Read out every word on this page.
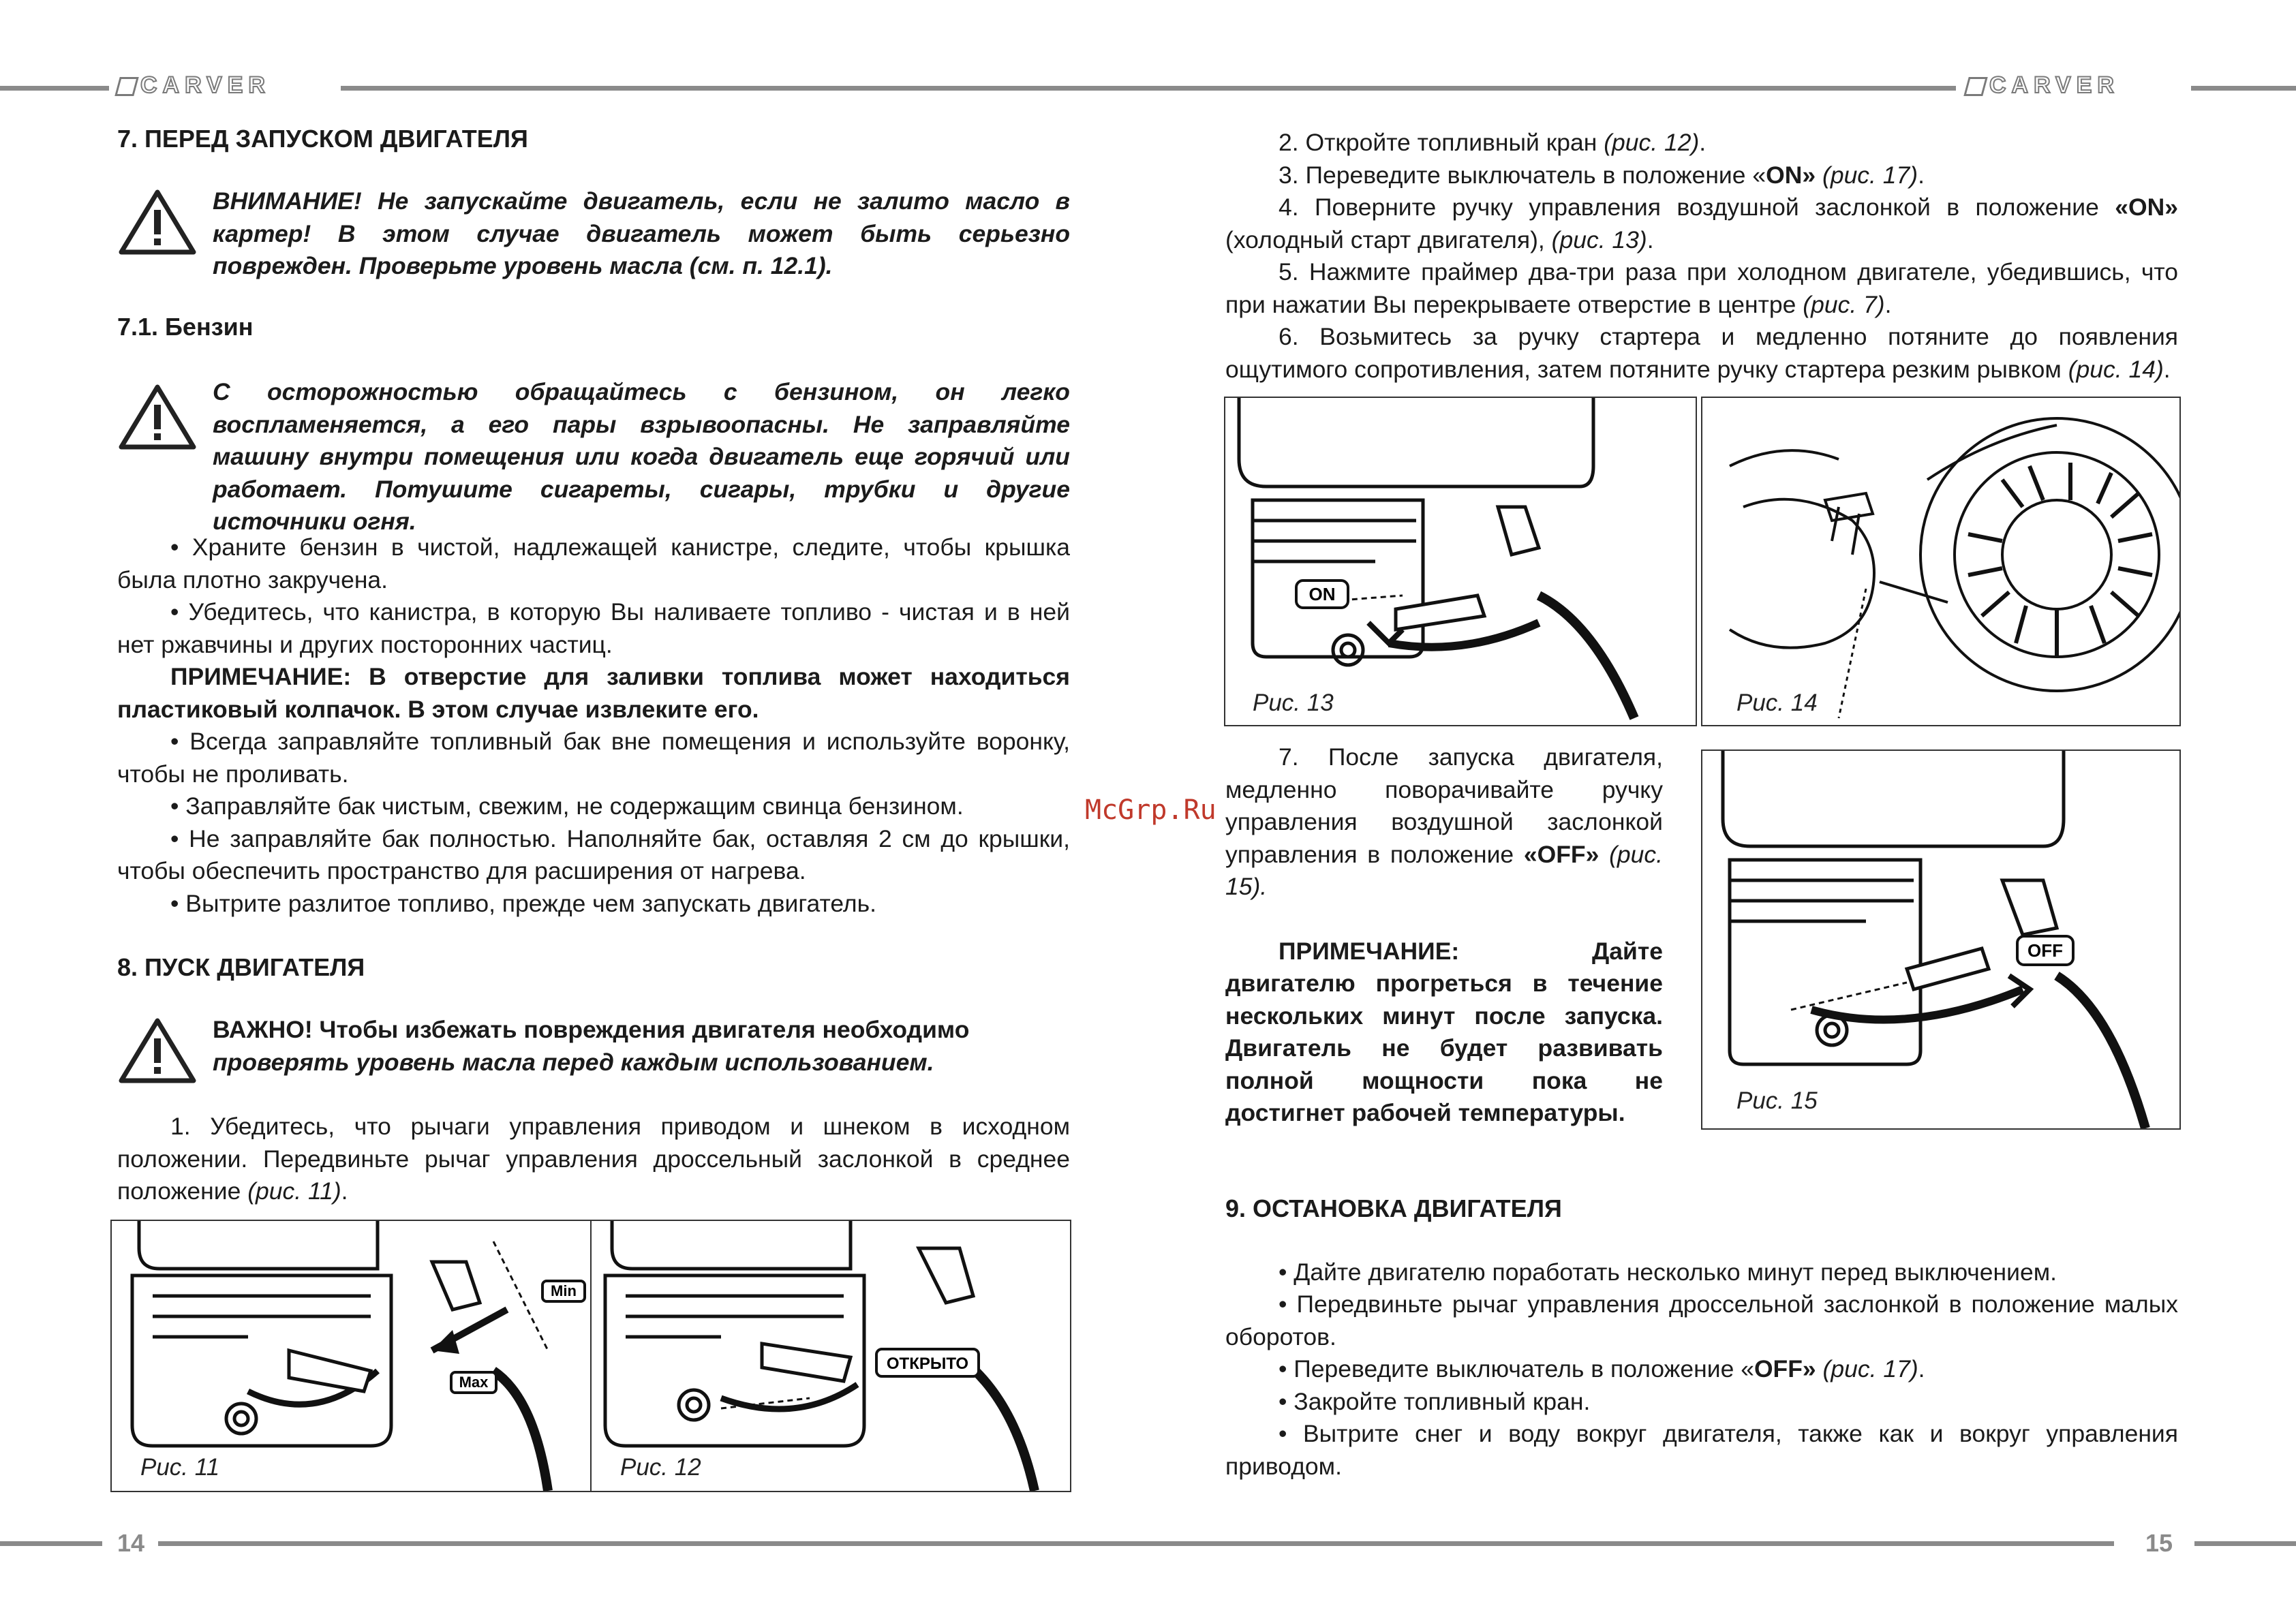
CARVER	CARVER
14	15
McGrp.Ru

7. ПЕРЕД ЗАПУСКОМ ДВИГАТЕЛЯ

ВНИМАНИЕ! Не запускайте двигатель, если не залито масло в картер! В этом случае двигатель может быть серьезно поврежден. Проверьте уровень масла (см. п. 12.1).

7.1. Бензин

С осторожностью обращайтесь с бензином, он легко воспламеняется, а его пары взрывоопасны. Не заправляйте машину внутри помещения или когда двигатель еще горячий или работает. Потушите сигареты, сигары, трубки и другие источники огня.

• Храните бензин в чистой, надлежащей канистре, следите, чтобы крышка была плотно закручена.

• Убедитесь, что канистра, в которую Вы наливаете топливо - чистая и в ней нет ржавчины и других посторонних частиц.

ПРИМЕЧАНИЕ: В отверстие для заливки топлива может находиться пластиковый колпачок. В этом случае извлеките его.

• Всегда заправляйте топливный бак вне помещения и используйте воронку, чтобы не проливать.

• Заправляйте бак чистым, свежим, не содержащим свинца бензином.

• Не заправляйте бак полностью. Наполняйте бак, оставляя 2 см до крышки, чтобы обеспечить пространство для расширения от нагрева.

• Вытрите разлитое топливо, прежде чем запускать двигатель.

8. ПУСК ДВИГАТЕЛЯ

ВАЖНО! Чтобы избежать повреждения двигателя необходимо
проверять уровень масла перед каждым использованием.

1. Убедитесь, что рычаги управления приводом и шнеком в исходном положении. Передвиньте рычаг управления дроссельный заслонкой в среднее положение (рис. 11).

Min
Max
Рис. 11
ОТКРЫТО
Рис. 12

2. Откройте топливный кран (рис. 12).

3. Переведите выключатель в положение «ON» (рис. 17).

4. Поверните ручку управления воздушной заслонкой в положение «ON» (холодный старт двигателя), (рис. 13).

5. Нажмите праймер два-три раза при холодном двигателе, убедившись, что при нажатии Вы перекрываете отверстие в центре (рис. 7).

6. Возьмитесь за ручку стартера и медленно потяните до появления ощутимого сопротивления, затем потяните ручку стартера резким рывком (рис. 14).

ON
Рис. 13	Рис. 14

7. После запуска двигателя, медленно поворачивайте ручку управления воздушной заслонкой управления в положение «OFF» (рис. 15).

ПРИМЕЧАНИЕ: Дайте двигателю прогреться в течение нескольких минут после запуска. Двигатель не будет развивать полной мощности пока не достигнет рабочей температуры.

OFF
Рис. 15

9. ОСТАНОВКА ДВИГАТЕЛЯ

• Дайте двигателю поработать несколько минут перед выключением.

• Передвиньте рычаг управления дроссельной заслонкой в положение малых оборотов.

• Переведите выключатель в положение «OFF» (рис. 17).

• Закройте топливный кран.

• Вытрите снег и воду вокруг двигателя, также как и вокруг управления приводом.
